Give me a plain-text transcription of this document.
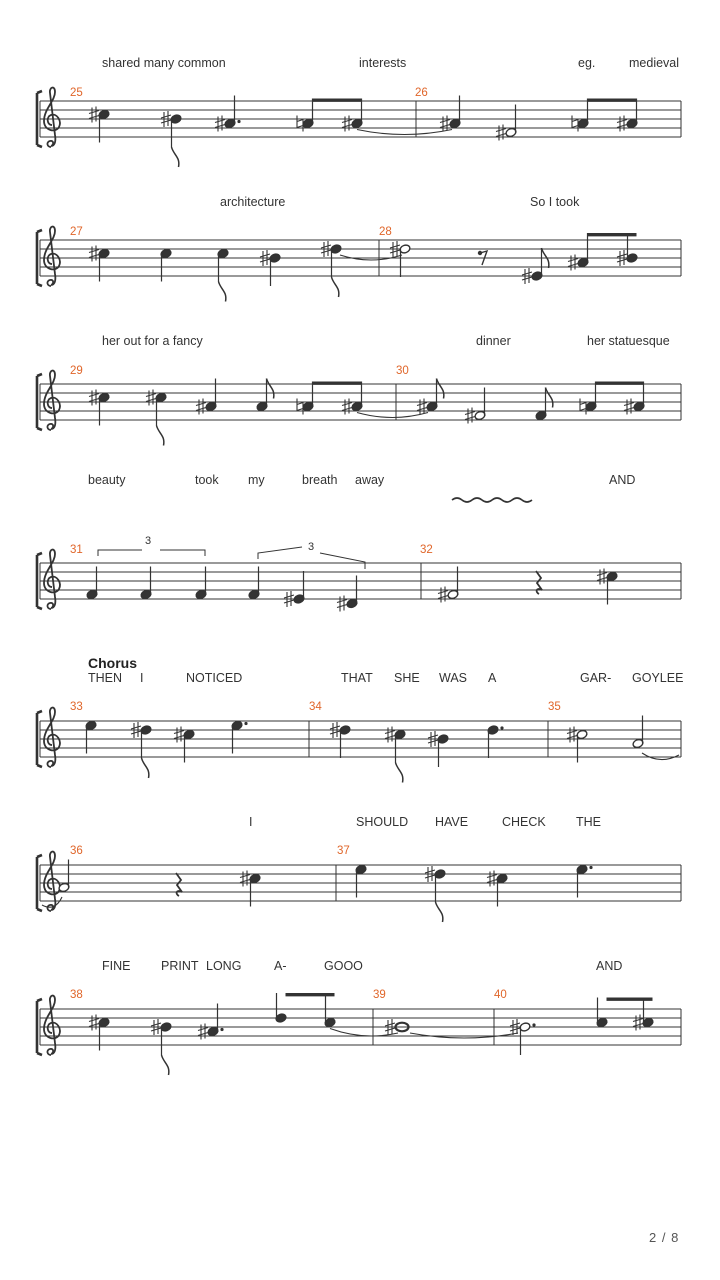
3	3
shared many common	interests	eg.	medieval
25	26
architecture	So I took
27	28
her out for a fancy	dinner	her statuesque
29	30
beauty	took my	breath away	AND
31	32
Chorus
THEN I	NOTICED	THAT SHE WAS A	GAR- GOYLEE
33	34	35
I	SHOULD HAVE	CHECK THE
36	37
FINE PRINT LONG	A-	GOOO	AND
38	39	40
2 / 8
